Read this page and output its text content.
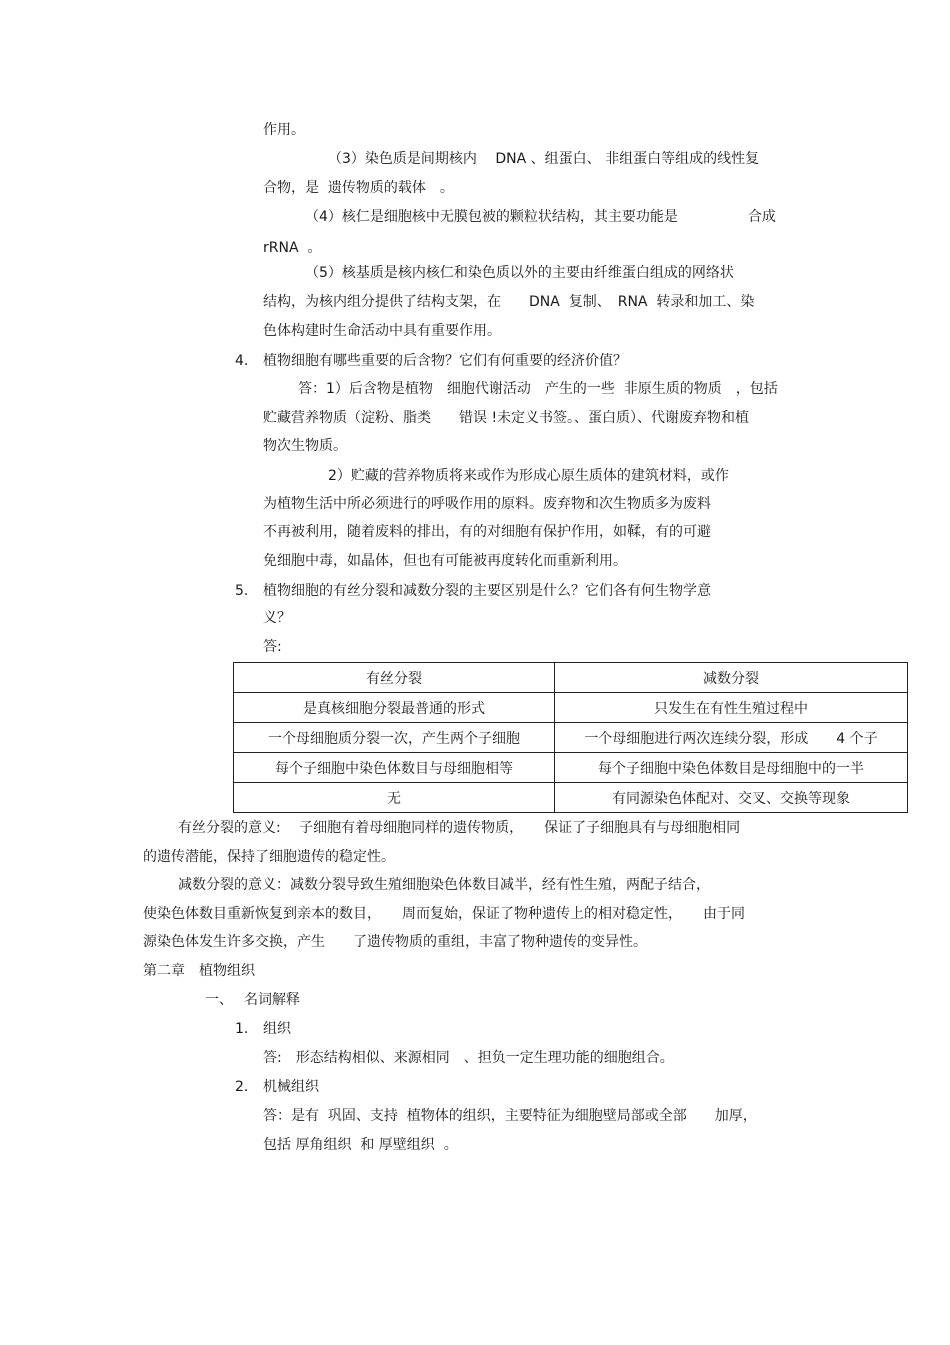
作用。
（3）染色质是间期核内　 DNA 、组蛋白、 非组蛋白等组成的线性复
合物，是  遗传物质的载体　。
（4）核仁是细胞核中无膜包被的颗粒状结构，其主要功能是　　　　　合成
rRNA  。
（5）核基质是核内核仁和染色质以外的主要由纤维蛋白组成的网络状
结构，为核内组分提供了结构支架，在　　DNA  复制、　RNA  转录和加工、染
色体构建时生命活动中具有重要作用。
4. 植物细胞有哪些重要的后含物？它们有何重要的经济价值？
答：1）后含物是植物　细胞代谢活动　产生的一些  非原生质的物质　，包括
贮藏营养物质（淀粉、脂类　　错误 !未定义书签。、蛋白质）、代谢废弃物和植
物次生物质。
2）贮藏的营养物质将来或作为形成心原生质体的建筑材料，或作
为植物生活中所必须进行的呼吸作用的原料。废弃物和次生物质多为废料
不再被利用，随着废料的排出，有的对细胞有保护作用，如鞣，有的可避
免细胞中毒，如晶体，但也有可能被再度转化而重新利用。
5. 植物细胞的有丝分裂和减数分裂的主要区别是什么？它们各有何生物学意
义？
答:
有丝分裂	减数分裂
是真核细胞分裂最普通的形式	只发生在有性生殖过程中
一个母细胞质分裂一次，产生两个子细胞	一个母细胞进行两次连续分裂，形成　　4 个子
每个子细胞中染色体数目与母细胞相等	每个子细胞中染色体数目是母细胞中的一半
无	有同源染色体配对、交叉、交换等现象
有丝分裂的意义:　 子细胞有着母细胞同样的遗传物质，　　保证了子细胞具有与母细胞相同
的遗传潜能，保持了细胞遗传的稳定性。
减数分裂的意义：减数分裂导致生殖细胞染色体数目减半，经有性生殖，两配子结合，
使染色体数目重新恢复到亲本的数目，　　周而复始，保证了物种遗传上的相对稳定性，　　由于同
源染色体发生许多交换，产生　　了遗传物质的重组，丰富了物种遗传的变异性。
第二章　植物组织
一、 名词解释
1. 组织
答:　形态结构相似、来源相同　、担负一定生理功能的细胞组合。
2. 机械组织
答：是有  巩固、支持  植物体的组织，主要特征为细胞壁局部或全部　　加厚，
包括 厚角组织  和 厚壁组织  。
